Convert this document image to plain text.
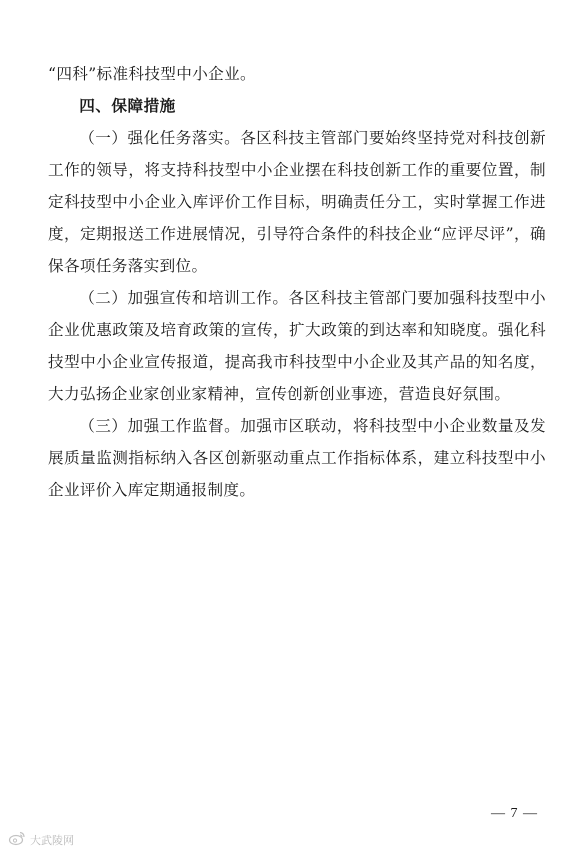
“四科”标准科技型中小企业。

四、保障措施

（一）强化任务落实。各区科技主管部门要始终坚持党对科技创新工作的领导，将支持科技型中小企业摆在科技创新工作的重要位置，制定科技型中小企业入库评价工作目标，明确责任分工，实时掌握工作进度，定期报送工作进展情况，引导符合条件的科技企业“应评尽评”，确保各项任务落实到位。

（二）加强宣传和培训工作。各区科技主管部门要加强科技型中小企业优惠政策及培育政策的宣传，扩大政策的到达率和知晓度。强化科技型中小企业宣传报道，提高我市科技型中小企业及其产品的知名度，大力弘扬企业家创业家精神，宣传创新创业事迹，营造良好氛围。

（三）加强工作监督。加强市区联动，将科技型中小企业数量及发展质量监测指标纳入各区创新驱动重点工作指标体系，建立科技型中小企业评价入库定期通报制度。

— 7 —
大武陵网
